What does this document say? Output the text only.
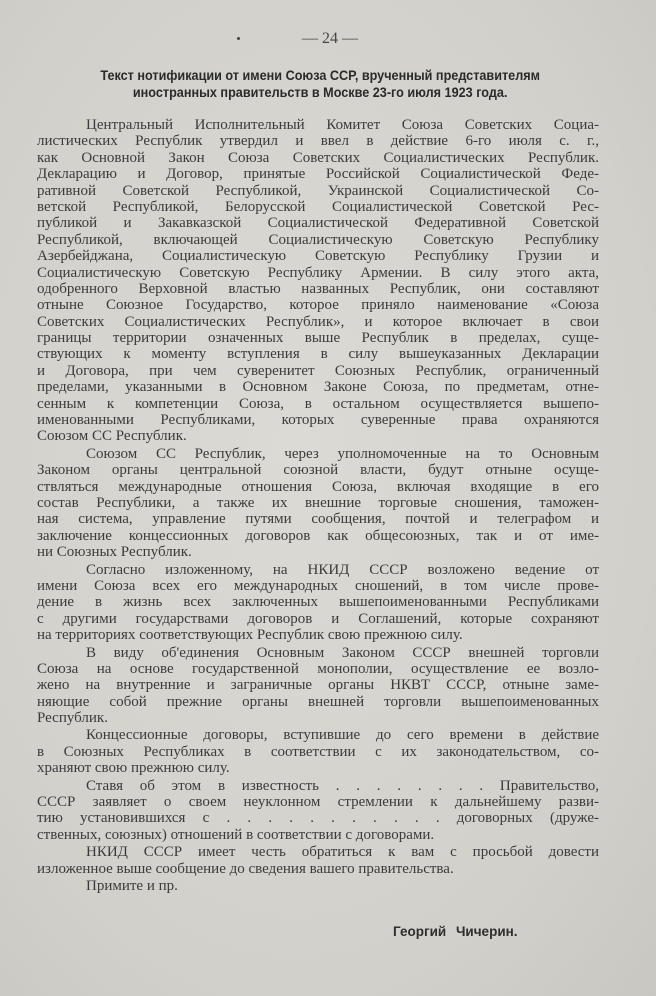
— 24 —
Текст нотификации от имени Союза ССР, врученный представителям
иностранных правительств в Москве 23-го июля 1923 года.
Центральный Исполнительный Комитет Союза Советских Социа-
листических Республик утвердил и ввел в действие 6-го июля с. г.,
как Основной Закон Союза Советских Социалистических Республик.
Декларацию и Договор, принятые Российской Социалистической Феде-
ративной Советской Республикой, Украинской Социалистической Со-
ветской Республикой, Белорусской Социалистической Советской Рес-
публикой и Закавказской Социалистической Федеративной Советской
Республикой, включающей Социалистическую Советскую Республику
Азербейджана, Социалистическую Советскую Республику Грузии и
Социалистическую Советскую Республику Армении. В силу этого акта,
одобренного Верховной властью названных Республик, они составляют
отныне Союзное Государство, которое приняло наименование «Союза
Советских Социалистических Республик», и которое включает в свои
границы территории означенных выше Республик в пределах, суще-
ствующих к моменту вступления в силу вышеуказанных Декларации
и Договора, при чем суверенитет Союзных Республик, ограниченный
пределами, указанными в Основном Законе Союза, по предметам, отне-
сенным к компетенции Союза, в остальном осуществляется вышепо-
именованными Республиками, которых суверенные права охраняются
Союзом СС Республик.
Союзом СС Республик, через уполномоченные на то Основным
Законом органы центральной союзной власти, будут отныне осуще-
ствляться международные отношения Союза, включая входящие в его
состав Республики, а также их внешние торговые сношения, таможен-
ная система, управление путями сообщения, почтой и телеграфом и
заключение концессионных договоров как общесоюзных, так и от име-
ни Союзных Республик.
Согласно изложенному, на НКИД СССР возложено ведение от
имени Союза всех его международных сношений, в том числе прове-
дение в жизнь всех заключенных вышепоименованными Республиками
с другими государствами договоров и Соглашений, которые сохраняют
на территориях соответствующих Республик свою прежнюю силу.
В виду об'единения Основным Законом СССР внешней торговли
Союза на основе государственной монополии, осуществление ее возло-
жено на внутренние и заграничные органы НКВТ СССР, отныне заме-
няющие собой прежние органы внешней торговли вышепоименованных
Республик.
Концессионные договоры, вступившие до сего времени в действие
в Союзных Республиках в соответствии с их законодательством, со-
храняют свою прежнюю силу.
Ставя об этом в известность . . . . . . . . Правительство,
СССР заявляет о своем неуклонном стремлении к дальнейшему разви-
тию установившихся с . . . . . . . . . . . договорных (друже-
ственных, союзных) отношений в соответствии с договорами.
НКИД СССР имеет честь обратиться к вам с просьбой довести
изложенное выше сообщение до сведения вашего правительства.
Примите и пр.
Георгий Чичерин.
